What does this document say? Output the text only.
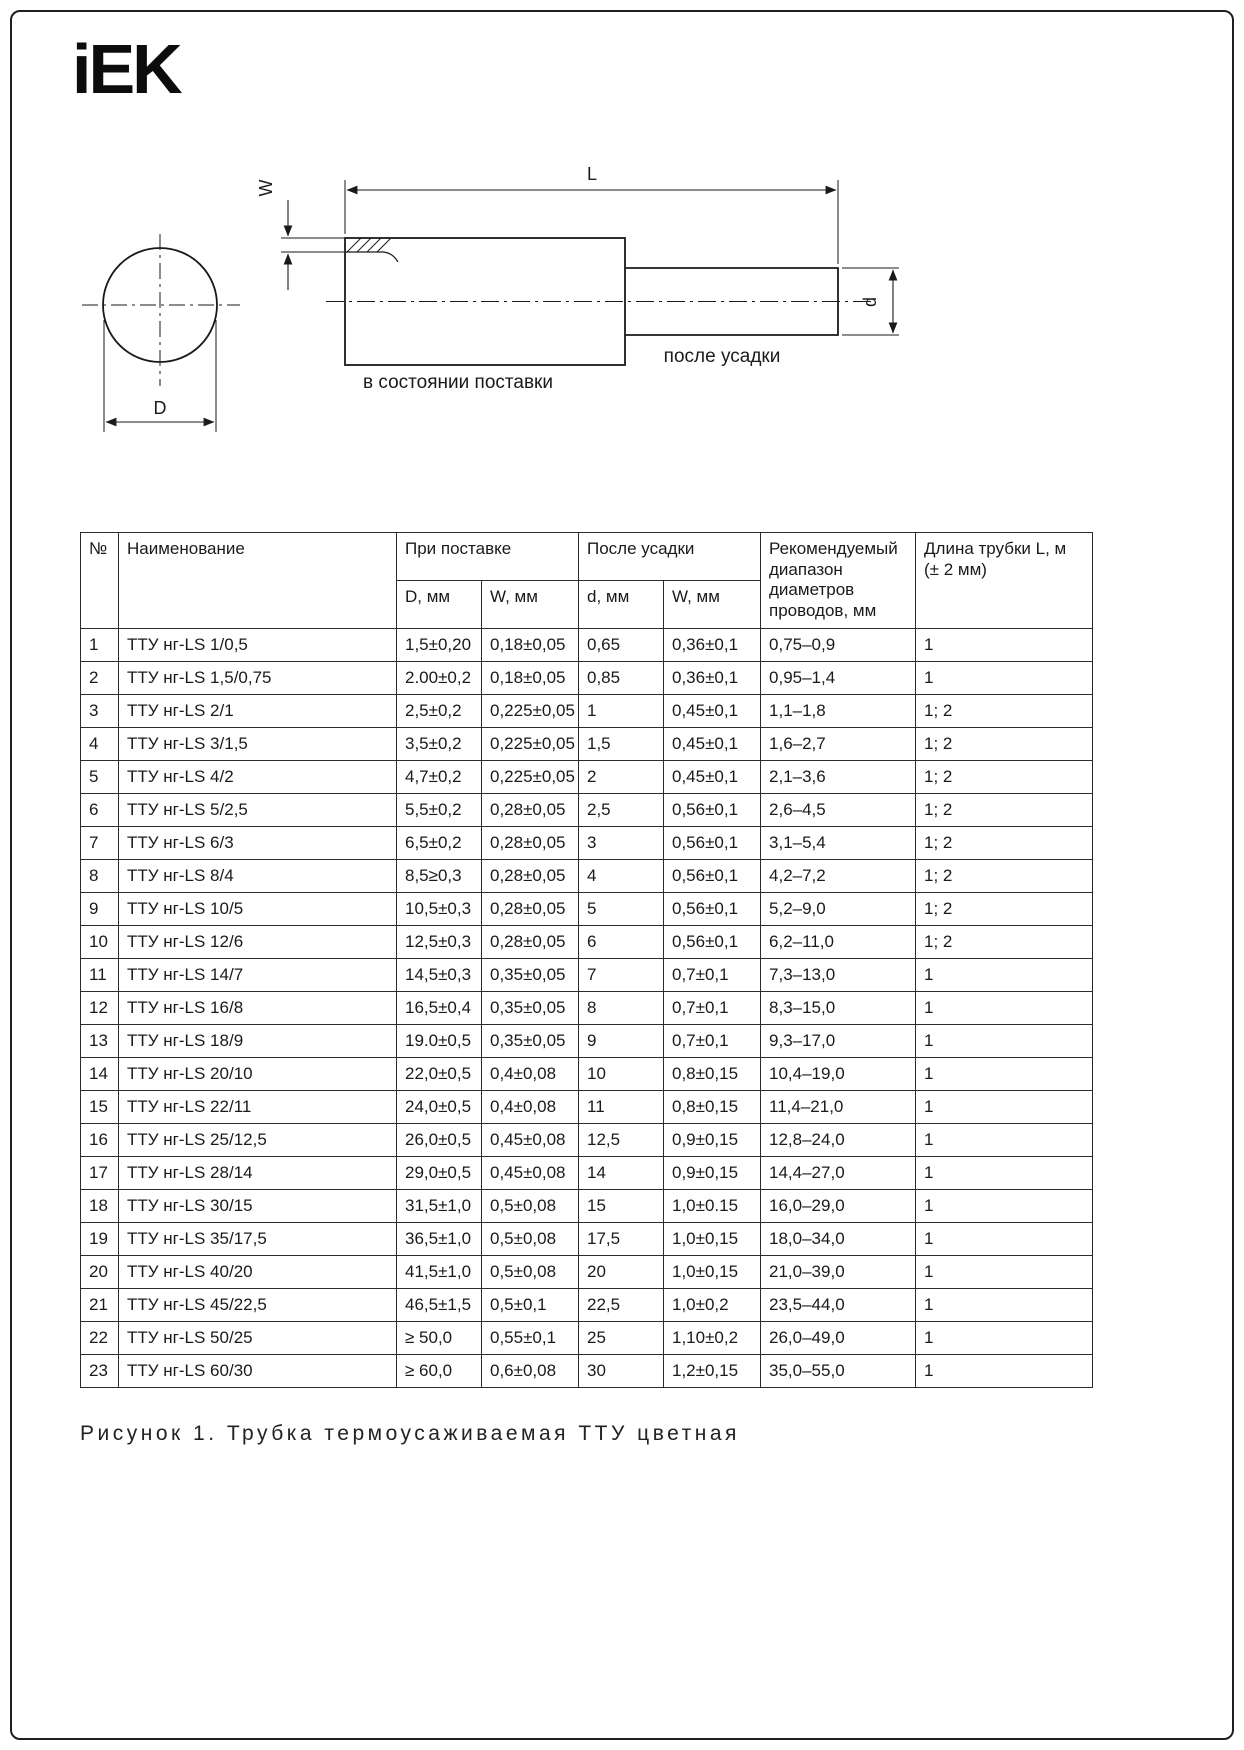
iEK
D
L
W
d
после усадки
в состоянии поставки
№	Наименование	При поставке		После усадки		Рекомендуемый диапазон диаметров проводов, мм	Длина трубки L, м (± 2 мм)
		D, мм	W, мм	d, мм	W, мм		
1	ТТУ нг-LS 1/0,5	1,5±0,20	0,18±0,05	0,65	0,36±0,1	0,75–0,9	1
2	ТТУ нг-LS 1,5/0,75	2.00±0,2	0,18±0,05	0,85	0,36±0,1	0,95–1,4	1
3	ТТУ нг-LS 2/1	2,5±0,2	0,225±0,05	1	0,45±0,1	1,1–1,8	1; 2
4	ТТУ нг-LS 3/1,5	3,5±0,2	0,225±0,05	1,5	0,45±0,1	1,6–2,7	1; 2
5	ТТУ нг-LS 4/2	4,7±0,2	0,225±0,05	2	0,45±0,1	2,1–3,6	1; 2
6	ТТУ нг-LS 5/2,5	5,5±0,2	0,28±0,05	2,5	0,56±0,1	2,6–4,5	1; 2
7	ТТУ нг-LS 6/3	6,5±0,2	0,28±0,05	3	0,56±0,1	3,1–5,4	1; 2
8	ТТУ нг-LS 8/4	8,5≥0,3	0,28±0,05	4	0,56±0,1	4,2–7,2	1; 2
9	ТТУ нг-LS 10/5	10,5±0,3	0,28±0,05	5	0,56±0,1	5,2–9,0	1; 2
10	ТТУ нг-LS 12/6	12,5±0,3	0,28±0,05	6	0,56±0,1	6,2–11,0	1; 2
11	ТТУ нг-LS 14/7	14,5±0,3	0,35±0,05	7	0,7±0,1	7,3–13,0	1
12	ТТУ нг-LS 16/8	16,5±0,4	0,35±0,05	8	0,7±0,1	8,3–15,0	1
13	ТТУ нг-LS 18/9	19.0±0,5	0,35±0,05	9	0,7±0,1	9,3–17,0	1
14	ТТУ нг-LS 20/10	22,0±0,5	0,4±0,08	10	0,8±0,15	10,4–19,0	1
15	ТТУ нг-LS 22/11	24,0±0,5	0,4±0,08	11	0,8±0,15	11,4–21,0	1
16	ТТУ нг-LS 25/12,5	26,0±0,5	0,45±0,08	12,5	0,9±0,15	12,8–24,0	1
17	ТТУ нг-LS 28/14	29,0±0,5	0,45±0,08	14	0,9±0,15	14,4–27,0	1
18	ТТУ нг-LS 30/15	31,5±1,0	0,5±0,08	15	1,0±0.15	16,0–29,0	1
19	ТТУ нг-LS 35/17,5	36,5±1,0	0,5±0,08	17,5	1,0±0,15	18,0–34,0	1
20	ТТУ нг-LS 40/20	41,5±1,0	0,5±0,08	20	1,0±0,15	21,0–39,0	1
21	ТТУ нг-LS 45/22,5	46,5±1,5	0,5±0,1	22,5	1,0±0,2	23,5–44,0	1
22	ТТУ нг-LS 50/25	≥ 50,0	0,55±0,1	25	1,10±0,2	26,0–49,0	1
23	ТТУ нг-LS 60/30	≥ 60,0	0,6±0,08	30	1,2±0,15	35,0–55,0	1
Рисунок 1. Трубка термоусаживаемая ТТУ цветная
